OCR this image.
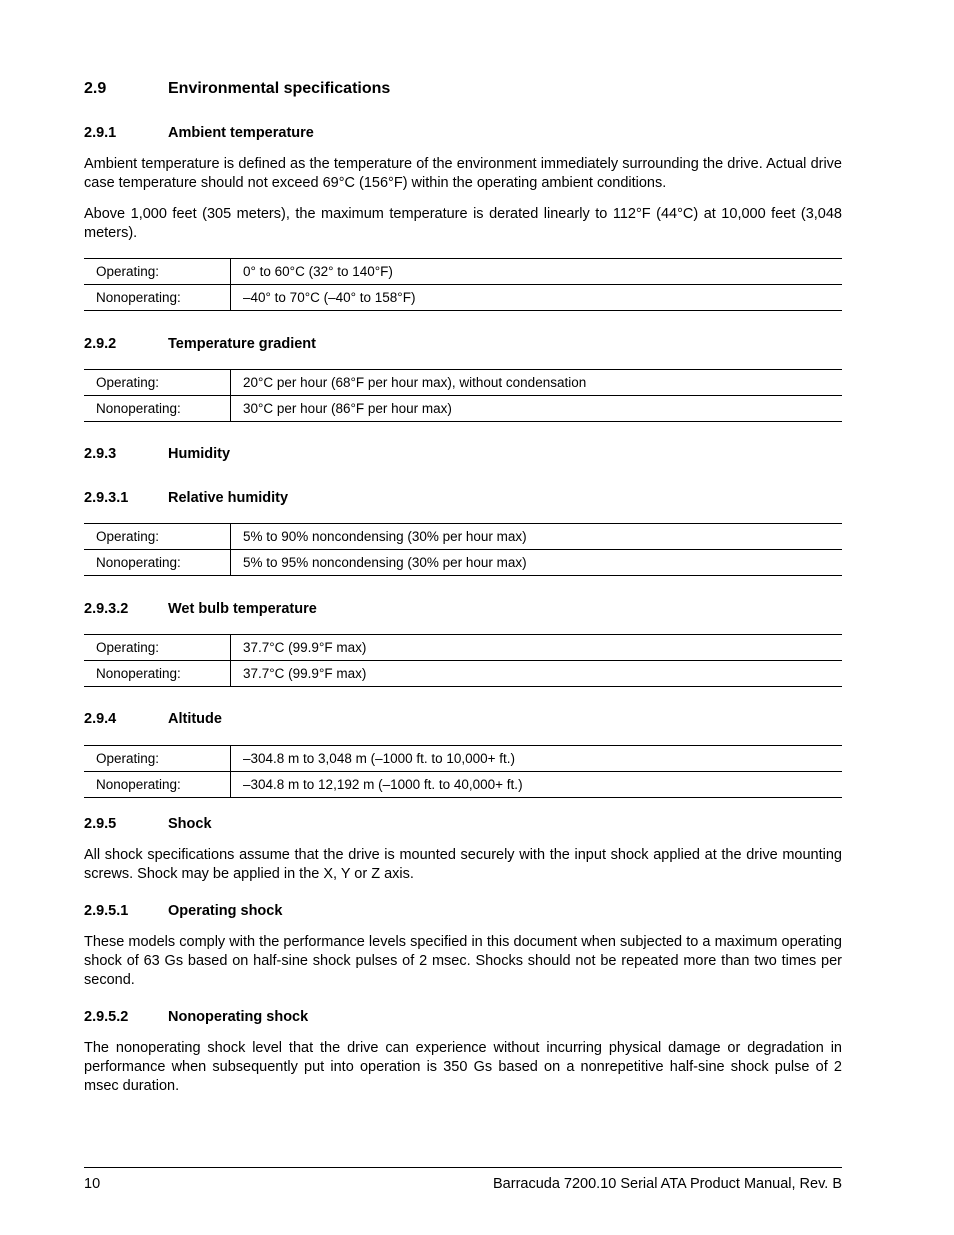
2.9	Environmental specifications
2.9.1	Ambient temperature
Ambient temperature is defined as the temperature of the environment immediately surrounding the drive. Actual drive case temperature should not exceed 69°C (156°F) within the operating ambient conditions.
Above 1,000 feet (305 meters), the maximum temperature is derated linearly to 112°F (44°C) at 10,000 feet (3,048 meters).
Operating:	0° to 60°C (32° to 140°F)
Nonoperating:	–40° to 70°C (–40° to 158°F)
2.9.2	Temperature gradient
Operating:	20°C per hour (68°F per hour max), without condensation
Nonoperating:	30°C per hour (86°F per hour max)
2.9.3	Humidity
2.9.3.1	Relative humidity
Operating:	5% to 90% noncondensing (30% per hour max)
Nonoperating:	5% to 95% noncondensing (30% per hour max)
2.9.3.2	Wet bulb temperature
Operating:	37.7°C (99.9°F max)
Nonoperating:	37.7°C (99.9°F max)
2.9.4	Altitude
Operating:	–304.8 m to 3,048 m (–1000 ft. to 10,000+ ft.)
Nonoperating:	–304.8 m to 12,192 m (–1000 ft. to 40,000+ ft.)
2.9.5	Shock
All shock specifications assume that the drive is mounted securely with the input shock applied at the drive mounting screws. Shock may be applied in the X, Y or Z axis.
2.9.5.1	Operating shock
These models comply with the performance levels specified in this document when subjected to a maximum operating shock of 63 Gs based on half-sine shock pulses of 2 msec. Shocks should not be repeated more than two times per second.
2.9.5.2	Nonoperating shock
The nonoperating shock level that the drive can experience without incurring physical damage or degradation in performance when subsequently put into operation is 350 Gs based on a nonrepetitive half-sine shock pulse of 2 msec duration.
10	Barracuda 7200.10 Serial ATA Product Manual, Rev. B
